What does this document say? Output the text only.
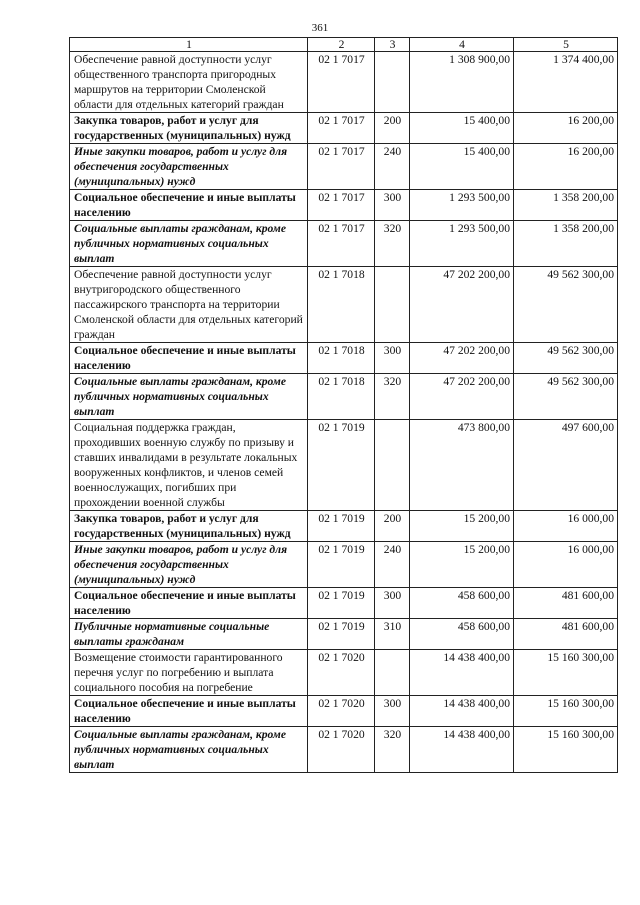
361
1	2	3	4	5
Обеспечение равной доступности услуг общественного транспорта пригородных маршрутов на территории Смоленской области для отдельных категорий граждан	02 1 7017		1 308 900,00	1 374 400,00
Закупка товаров, работ и услуг для государственных (муниципальных) нужд	02 1 7017	200	15 400,00	16 200,00
Иные закупки товаров, работ и услуг для обеспечения государственных (муниципальных) нужд	02 1 7017	240	15 400,00	16 200,00
Социальное обеспечение и иные выплаты населению	02 1 7017	300	1 293 500,00	1 358 200,00
Социальные выплаты гражданам, кроме публичных нормативных социальных выплат	02 1 7017	320	1 293 500,00	1 358 200,00
Обеспечение равной доступности услуг внутригородского общественного пассажирского транспорта на территории Смоленской области для отдельных категорий граждан	02 1 7018		47 202 200,00	49 562 300,00
Социальное обеспечение и иные выплаты населению	02 1 7018	300	47 202 200,00	49 562 300,00
Социальные выплаты гражданам, кроме публичных нормативных социальных выплат	02 1 7018	320	47 202 200,00	49 562 300,00
Социальная поддержка граждан, проходивших военную службу по призыву и ставших инвалидами в результате локальных вооруженных конфликтов, и членов семей военнослужащих, погибших при прохождении военной службы	02 1 7019		473 800,00	497 600,00
Закупка товаров, работ и услуг для государственных (муниципальных) нужд	02 1 7019	200	15 200,00	16 000,00
Иные закупки товаров, работ и услуг для обеспечения государственных (муниципальных) нужд	02 1 7019	240	15 200,00	16 000,00
Социальное обеспечение и иные выплаты населению	02 1 7019	300	458 600,00	481 600,00
Публичные нормативные социальные выплаты гражданам	02 1 7019	310	458 600,00	481 600,00
Возмещение стоимости гарантированного перечня услуг по погребению и выплата социального пособия на погребение	02 1 7020		14 438 400,00	15 160 300,00
Социальное обеспечение и иные выплаты населению	02 1 7020	300	14 438 400,00	15 160 300,00
Социальные выплаты гражданам, кроме публичных нормативных социальных выплат	02 1 7020	320	14 438 400,00	15 160 300,00
